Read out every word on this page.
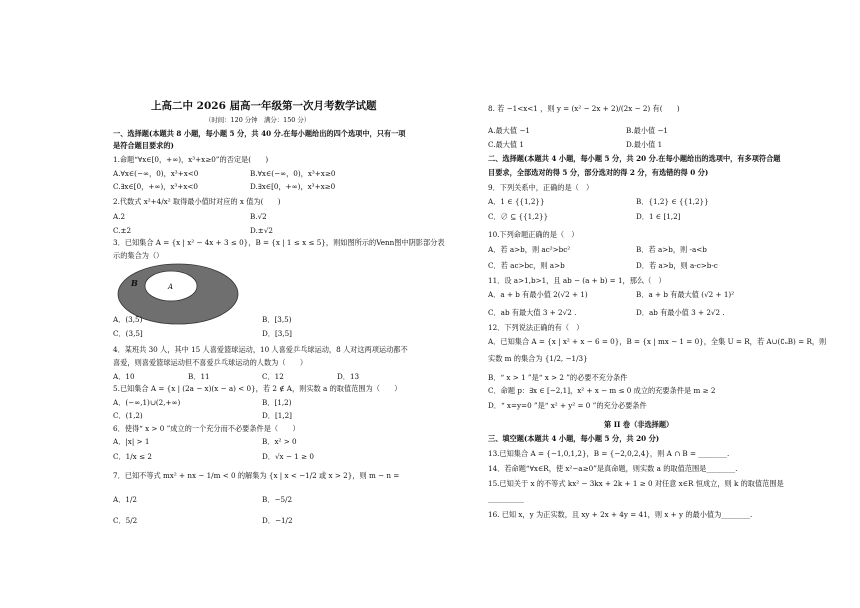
上高二中 2026 届高一年级第一次月考数学试题
（时间：120 分钟　满分：150 分）
一、选择题(本题共 8 小题，每小题 5 分，共 40 分.在每小题给出的四个选项中，只有一项
是符合题目要求的)
1.命题“∀x∈[0，+∞)，x³+x≥0”的否定是(　　)
A.∀x∈(−∞，0)，x³+x<0	B.∀x∈(−∞，0)，x³+x≥0
C.∃x∈[0，+∞)，x³+x<0	D.∃x∈[0，+∞)，x³+x≥0
2.代数式 x²+4/x² 取得最小值时对应的 x 值为(　　)
A.2	B.√2
C.±2	D.±√2
3．已知集合 A = {x | x² − 4x + 3 ≤ 0}，B = {x | 1 ≤ x ≤ 5}，则如图所示的Venn图中阴影部分表
示的集合为（）
B	A
A．(3,5)	B．[3,5)
C．(3,5]	D．[3,5]
4．某班共 30 人，其中 15 人喜爱篮球运动，10 人喜爱乒乓球运动，8 人对这两项运动都不
喜爱，则喜爱篮球运动但不喜爱乒乓球运动的人数为（　　）
A．10	B．11	C．12	D．13
5.已知集合 A = {x | (2a − x)(x − a) < 0}，若 2 ∉ A，则实数 a 的取值范围为（　　）
A．(−∞,1)∪(2,+∞)	B．[1,2)
C．(1,2)	D．[1,2]
6．使得“ x > 0 ”成立的一个充分而不必要条件是（　　）
A．|x| > 1	B．x² > 0
C．1/x ≤ 2	D．√x − 1 ≥ 0
7．已知不等式 mx² + nx − 1/m < 0 的解集为 {x | x < −1/2 或 x > 2}，则 m − n =
A．1/2	B．−5/2
C．5/2	D．−1/2
8. 若 −1<x<1 ，则 y = (x² − 2x + 2)/(2x − 2) 有(　　)
A.最大值 −1	B.最小值 −1
C.最大值 1	D.最小值 1
二、选择题(本题共 4 小题，每小题 5 分，共 20 分.在每小题给出的选项中，有多项符合题
目要求，全部选对的得 5 分，部分选对的得 2 分，有选错的得 0 分)
9．下列关系中，正确的是（　）
A．1 ∈ {{1,2}}	B．{1,2} ∈ {{1,2}}
C．∅ ⊆ {{1,2}}	D．1 ∈ [1,2]
10.下列命题正确的是（　）
A．若 a>b，则 ac²>bc²	B．若 a>b，则 -a<b
C．若 ac>bc，则 a>b	D．若 a>b，则 a-c>b-c
11．设 a>1,b>1，且 ab − (a + b) = 1，那么（　）
A．a + b 有最小值 2(√2 + 1)	B．a + b 有最大值 (√2 + 1)²
C．ab 有最大值 3 + 2√2 .	D．ab 有最小值 3 + 2√2 .
12．下列说法正确的有（　）
A．已知集合 A = {x | x² + x − 6 = 0}，B = {x | mx − 1 = 0}，全集 U = R，若 A∪(∁ᵤB) = R，则
实数 m 的集合为 {1/2, −1/3}
B．“ x > 1 ”是“ x > 2 ”的必要不充分条件
C．命题 p：∃x ∈ [−2,1]，x² + x − m ≤ 0 成立的充要条件是 m ≥ 2
D．“ x=y=0 ”是“ x² + y² = 0 ”的充分必要条件
第 II 卷（非选择题）
三、填空题(本题共 4 小题，每小题 5 分，共 20 分)
13.已知集合 A = {−1,0,1,2}，B = {−2,0,2,4}，则 A ∩ B = ________.
14．若命题“∀x∈R，使 x²−a≥0”是真命题，则实数 a 的取值范围是________.
15.已知关于 x 的不等式 kx² − 3kx + 2k + 1 ≥ 0 对任意 x∈R 恒成立，则 k 的取值范围是
__________
16. 已知 x，y 为正实数，且 xy + 2x + 4y = 41，则 x + y 的最小值为________.
